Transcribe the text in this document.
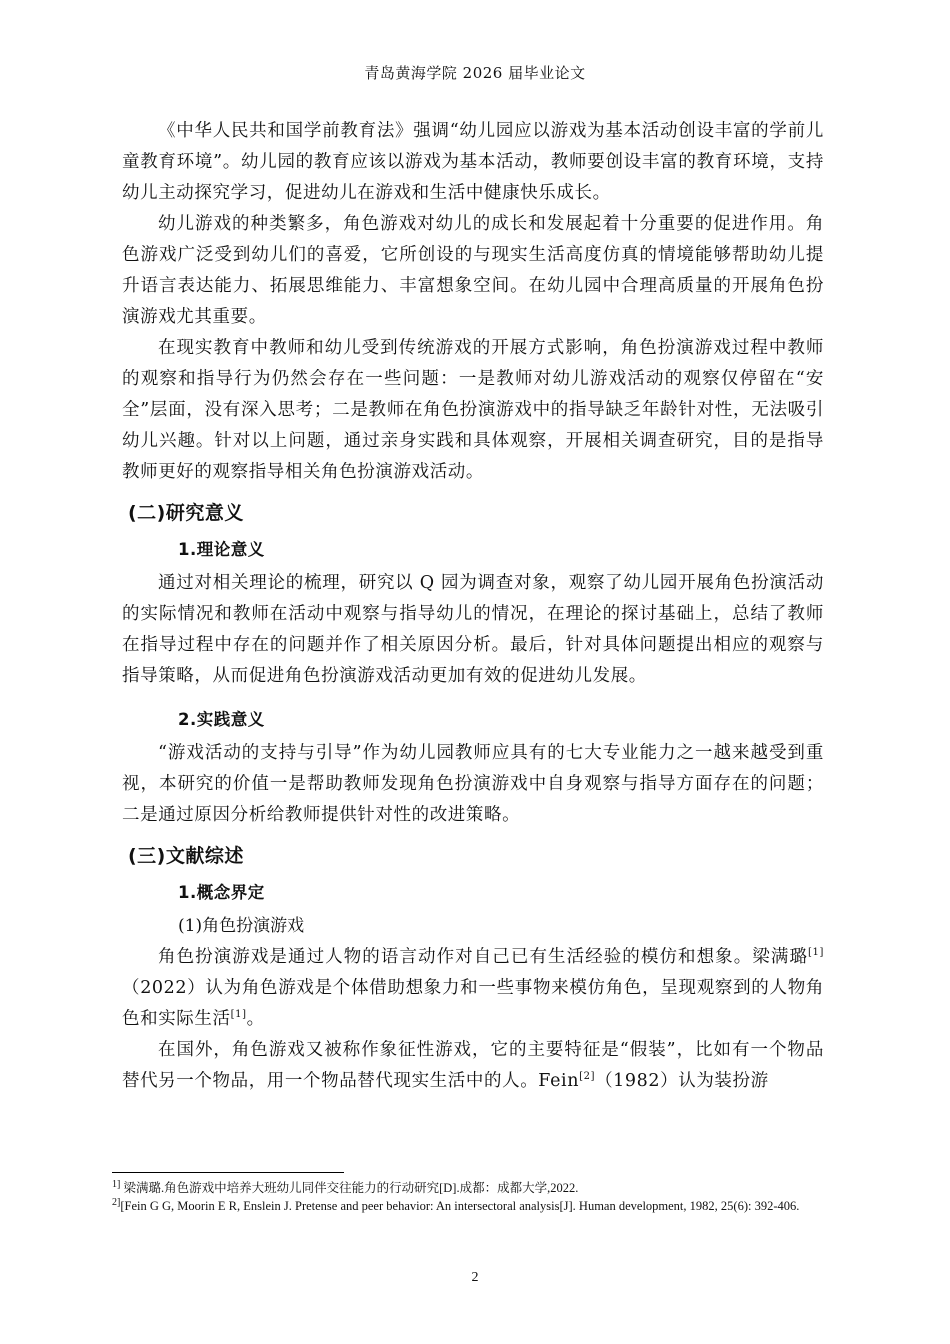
青岛黄海学院 2026 届毕业论文

《中华人民共和国学前教育法》强调“幼儿园应以游戏为基本活动创设丰富的学前儿童教育环境”。幼儿园的教育应该以游戏为基本活动，教师要创设丰富的教育环境，支持幼儿主动探究学习，促进幼儿在游戏和生活中健康快乐成长。

幼儿游戏的种类繁多，角色游戏对幼儿的成长和发展起着十分重要的促进作用。角色游戏广泛受到幼儿们的喜爱，它所创设的与现实生活高度仿真的情境能够帮助幼儿提升语言表达能力、拓展思维能力、丰富想象空间。在幼儿园中合理高质量的开展角色扮演游戏尤其重要。

在现实教育中教师和幼儿受到传统游戏的开展方式影响，角色扮演游戏过程中教师的观察和指导行为仍然会存在一些问题：一是教师对幼儿游戏活动的观察仅停留在“安全”层面，没有深入思考；二是教师在角色扮演游戏中的指导缺乏年龄针对性，无法吸引幼儿兴趣。针对以上问题，通过亲身实践和具体观察，开展相关调查研究，目的是指导教师更好的观察指导相关角色扮演游戏活动。

(二)研究意义
1.理论意义

通过对相关理论的梳理，研究以 Q 园为调查对象，观察了幼儿园开展角色扮演活动的实际情况和教师在活动中观察与指导幼儿的情况，在理论的探讨基础上，总结了教师在指导过程中存在的问题并作了相关原因分析。最后，针对具体问题提出相应的观察与指导策略，从而促进角色扮演游戏活动更加有效的促进幼儿发展。

2.实践意义

“游戏活动的支持与引导”作为幼儿园教师应具有的七大专业能力之一越来越受到重视，本研究的价值一是帮助教师发现角色扮演游戏中自身观察与指导方面存在的问题；二是通过原因分析给教师提供针对性的改进策略。

(三)文献综述
1.概念界定
(1)角色扮演游戏

角色扮演游戏是通过人物的语言动作对自己已有生活经验的模仿和想象。梁满璐[1]（2022）认为角色游戏是个体借助想象力和一些事物来模仿角色，呈现观察到的人物角色和实际生活[1]。

在国外，角色游戏又被称作象征性游戏，它的主要特征是“假装”，比如有一个物品替代另一个物品，用一个物品替代现实生活中的人。Fein[2]（1982）认为装扮游

$^{1]}$ 梁满璐.角色游戏中培养大班幼儿同伴交往能力的行动研究[D].成都：成都大学,2022.
$^{2]}$[Fein G G, Moorin E R, Enslein J. Pretense and peer behavior: An intersectoral analysis[J]. Human development, 1982, 25(6): 392-406.
2
